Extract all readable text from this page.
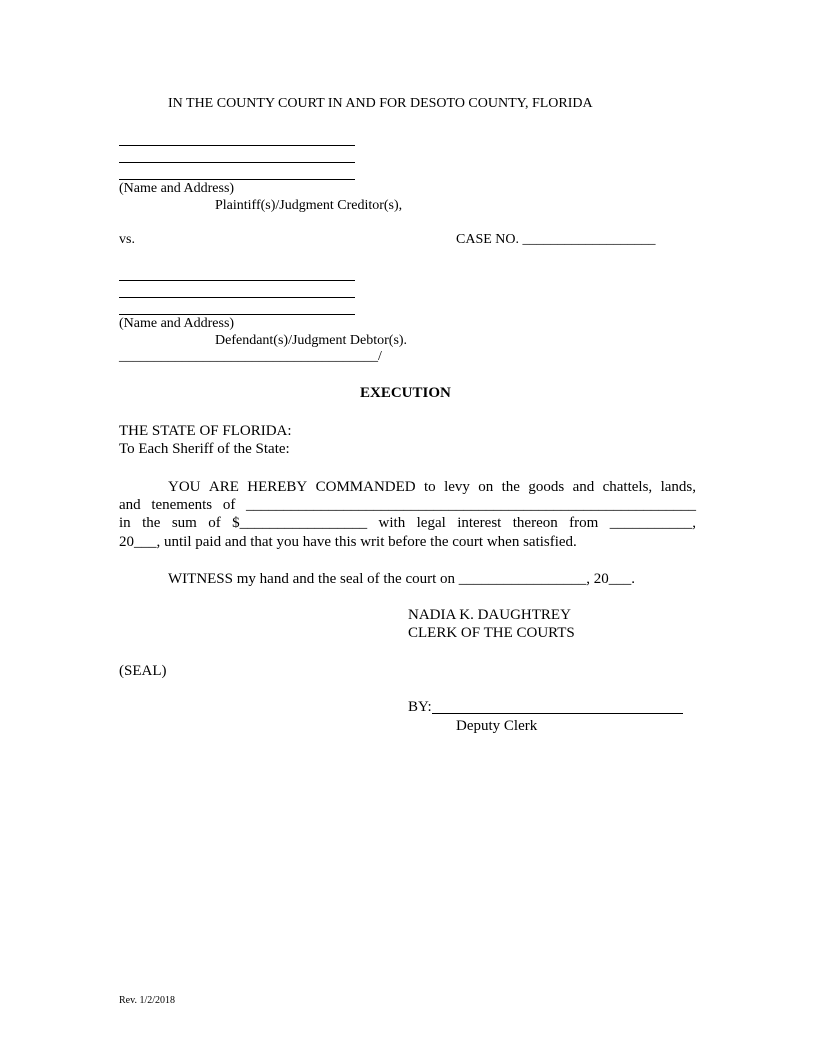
IN THE COUNTY COURT IN AND FOR DESOTO COUNTY, FLORIDA
(Name and Address)
Plaintiff(s)/Judgment Creditor(s),
vs.	CASE NO. ___________________
(Name and Address)
Defendant(s)/Judgment Debtor(s).
_____________________________________/
EXECUTION
THE STATE OF FLORIDA:
To Each Sheriff of the State:
YOU ARE HEREBY COMMANDED to levy on the goods and chattels, lands,
and tenements of ____________________________________________________________
in the sum of $_________________ with legal interest thereon from ___________,
20___, until paid and that you have this writ before the court when satisfied.
WITNESS my hand and the seal of the court on _________________, 20___.
NADIA K. DAUGHTREY
CLERK OF THE COURTS
(SEAL)
BY:
Deputy Clerk
Rev. 1/2/2018
